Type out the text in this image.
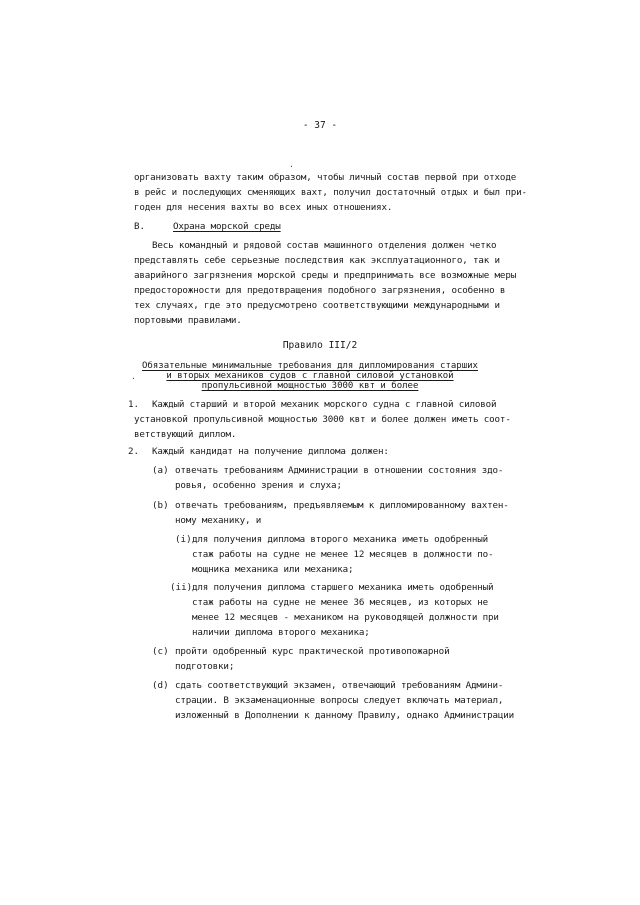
- 37 -
.
организовать вахту таким образом, чтобы личный состав первой при отходе
в рейс и последующих сменяющих вахт, получил достаточный отдых и был при-
годен для несения вахты во всех иных отношениях.
B.	Охрана морской среды
Весь командный и рядовой состав машинного отделения должен четко
представлять себе серьезные последствия как эксплуатационного, так и
аварийного загрязнения морской среды и предпринимать все возможные меры
предосторожности для предотвращения подобного загрязнения, особенно в
тех случаях, где это предусмотрено соответствующими международными и
портовыми правилами.
Правило III/2
Обязательные минимальные требования для дипломирования старших
и вторых механиков судов с главной силовой установкой
пропульсивной мощностью 3000 квт и более
.
1. Каждый старший и второй механик морского судна с главной силовой
установкой пропульсивной мощностью 3000 квт и более должен иметь соот-
ветствующий диплом.
2. Каждый кандидат на получение диплома должен:
(a) отвечать требованиям Администрации в отношении состояния здо-
ровья, особенно зрения и слуха;
(b) отвечать требованиям, предъявляемым к дипломированному вахтен-
ному механику, и
(i) для получения диплома второго механика иметь одобренный
стаж работы на судне не менее 12 месяцев в должности по-
мощника механика или механика;
(ii) для получения диплома старшего механика иметь одобренный
стаж работы на судне не менее 36 месяцев, из которых не
менее 12 месяцев - механиком на руководящей должности при
наличии диплома второго механика;
(c) пройти одобренный курс практической противопожарной
подготовки;
(d) сдать соответствующий экзамен, отвечающий требованиям Админи-
страции. В экзаменационные вопросы следует включать материал,
изложенный в Дополнении к данному Правилу, однако Администрации
